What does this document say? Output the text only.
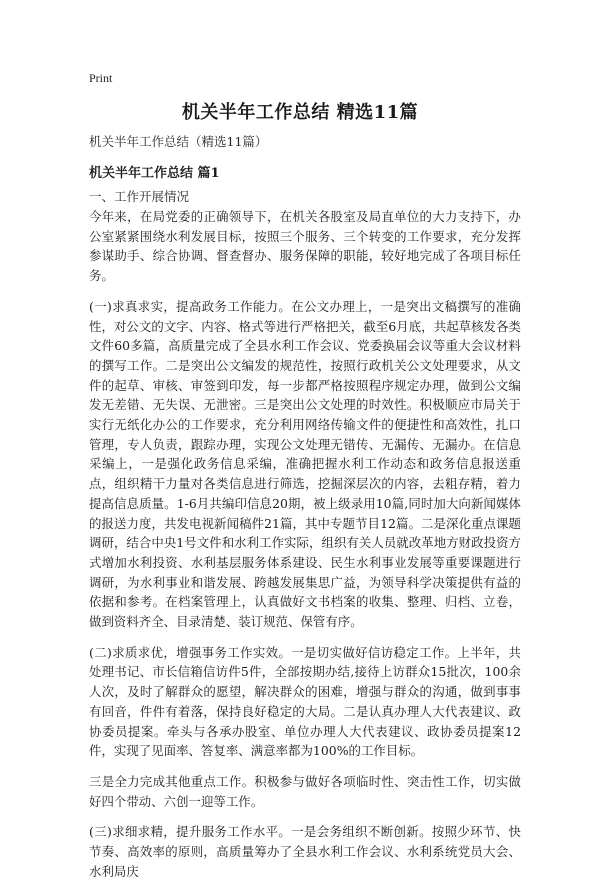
Print
机关半年工作总结 精选11篇
机关半年工作总结（精选11篇）
机关半年工作总结 篇1
一、工作开展情况

今年来，在局党委的正确领导下，在机关各股室及局直单位的大力支持下，办公室紧紧围绕水利发展目标，按照三个服务、三个转变的工作要求，充分发挥参谋助手、综合协调、督查督办、服务保障的职能，较好地完成了各项目标任务。

(一)求真求实，提高政务工作能力。在公文办理上，一是突出文稿撰写的准确性，对公文的文字、内容、格式等进行严格把关，截至6月底，共起草核发各类文件60多篇，高质量完成了全县水利工作会议、党委换届会议等重大会议材料的撰写工作。二是突出公文编发的规范性，按照行政机关公文处理要求，从文件的起草、审核、审签到印发，每一步都严格按照程序规定办理，做到公文编发无差错、无失误、无泄密。三是突出公文处理的时效性。积极顺应市局关于实行无纸化办公的工作要求，充分利用网络传输文件的便捷性和高效性，扎口管理，专人负责，跟踪办理，实现公文处理无错传、无漏传、无漏办。在信息采编上，一是强化政务信息采编，准确把握水利工作动态和政务信息报送重点，组织精干力量对各类信息进行筛选，挖掘深层次的内容，去粗存精，着力提高信息质量。1-6月共编印信息20期，被上级录用10篇,同时加大向新闻媒体的报送力度，共发电视新闻稿件21篇，其中专题节目12篇。二是深化重点课题调研，结合中央1号文件和水利工作实际，组织有关人员就改革地方财政投资方式增加水利投资、水利基层服务体系建设、民生水利事业发展等重要课题进行调研，为水利事业和谐发展、跨越发展集思广益，为领导科学决策提供有益的依据和参考。在档案管理上，认真做好文书档案的收集、整理、归档、立卷，做到资料齐全、目录清楚、装订规范、保管有序。

(二)求质求优，增强事务工作实效。一是切实做好信访稳定工作。上半年，共处理书记、市长信箱信访件5件，全部按期办结,接待上访群众15批次，100余人次，及时了解群众的愿望，解决群众的困难，增强与群众的沟通，做到事事有回音，件件有着落，保持良好稳定的大局。二是认真办理人大代表建议、政协委员提案。牵头与各承办股室、单位办理人大代表建议、政协委员提案12件，实现了见面率、答复率、满意率都为100%的工作目标。

三是全力完成其他重点工作。积极参与做好各项临时性、突击性工作，切实做好四个带动、六创一迎等工作。

(三)求细求精，提升服务工作水平。一是会务组织不断创新。按照少环节、快节奏、高效率的原则，高质量筹办了全县水利工作会议、水利系统党员大会、水利局庆
